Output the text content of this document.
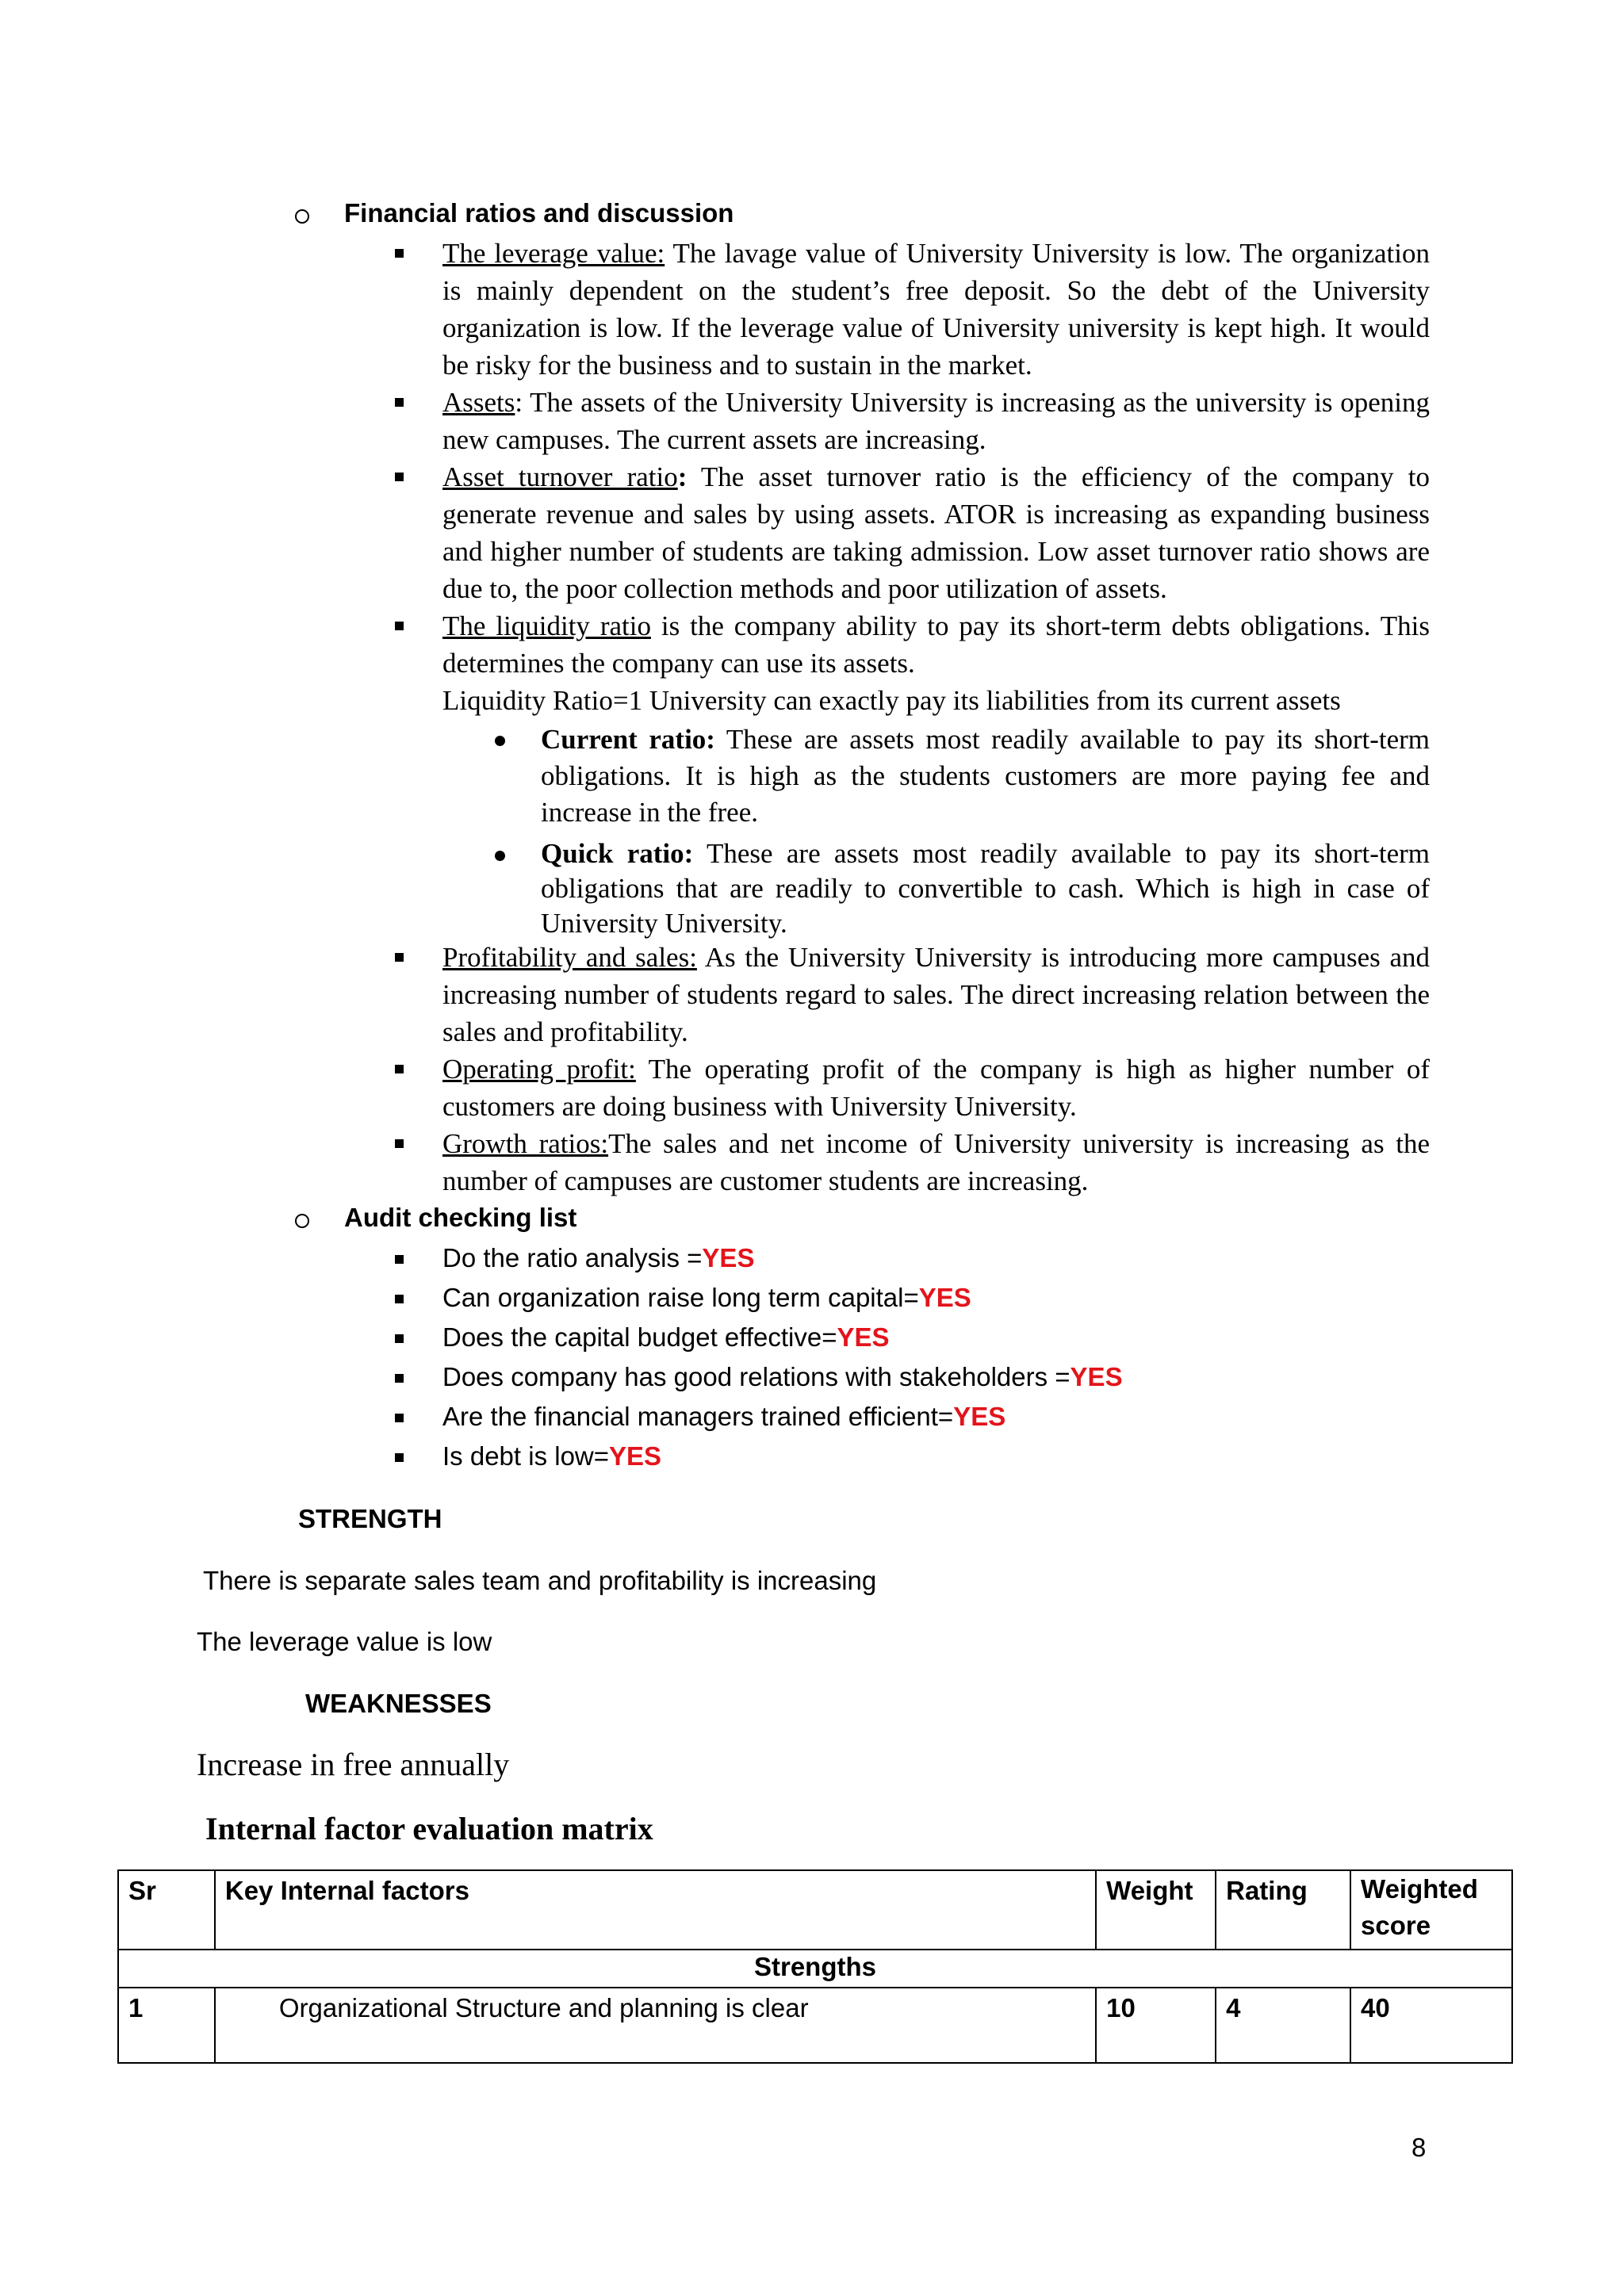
Financial ratios and discussion
The leverage value: The lavage value of University University is low. The organization is mainly dependent on the student’s free deposit. So the debt of the University organization is low. If the leverage value of University university is kept high. It would be risky for the business and to sustain in the market.
Assets: The assets of the University University is increasing as the university is opening new campuses. The current assets are increasing.
Asset turnover ratio: The asset turnover ratio is the efficiency of the company to generate revenue and sales by using assets. ATOR is increasing as expanding business and higher number of students are taking admission. Low asset turnover ratio shows are due to, the poor collection methods and poor utilization of assets.
The liquidity ratio is the company ability to pay its short-term debts obligations. This determines the company can use its assets.
Liquidity Ratio=1 University can exactly pay its liabilities from its current assets
Current ratio: These are assets most readily available to pay its short-term obligations. It is high as the students customers are more paying fee and increase in the free.
Quick ratio: These are assets most readily available to pay its short-term obligations that are readily to convertible to cash. Which is high in case of University University.
Profitability and sales: As the University University is introducing more campuses and increasing number of students regard to sales. The direct increasing relation between the sales and profitability.
Operating profit: The operating profit of the company is high as higher number of customers are doing business with University University.
Growth ratios:The sales and net income of University university is increasing as the number of campuses are customer students are increasing.
Audit checking list
Do the ratio analysis =YES
Can organization raise long term capital=YES
Does the capital budget effective=YES
Does company has good relations with stakeholders =YES
Are the financial managers trained efficient=YES
Is debt is low=YES
STRENGTH
There is separate sales team and profitability is increasing
The leverage value is low
WEAKNESSES
Increase in free annually
Internal factor evaluation matrix
Sr	Key Internal factors	Weight	Rating	Weighted score
Strengths				
1	Organizational Structure and planning is clear	10	4	40
8
